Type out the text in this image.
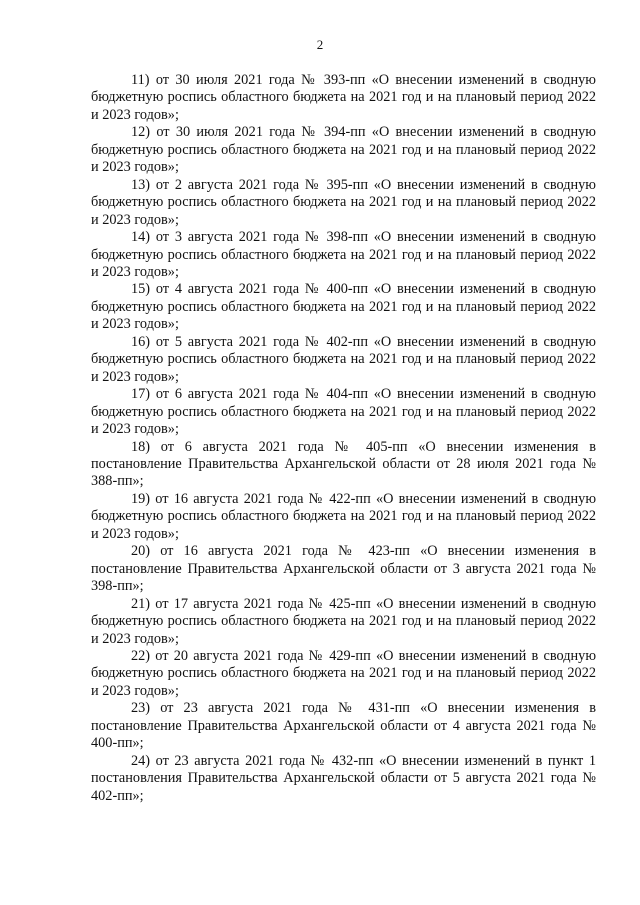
2

11) от 30 июля 2021 года № 393-пп «О внесении изменений в сводную бюджетную роспись областного бюджета на 2021 год и на плановый период 2022 и 2023 годов»;

12) от 30 июля 2021 года № 394-пп «О внесении изменений в сводную бюджетную роспись областного бюджета на 2021 год и на плановый период 2022 и 2023 годов»;

13) от 2 августа 2021 года № 395-пп «О внесении изменений в сводную бюджетную роспись областного бюджета на 2021 год и на плановый период 2022 и 2023 годов»;

14) от 3 августа 2021 года № 398-пп «О внесении изменений в сводную бюджетную роспись областного бюджета на 2021 год и на плановый период 2022 и 2023 годов»;

15) от 4 августа 2021 года № 400-пп «О внесении изменений в сводную бюджетную роспись областного бюджета на 2021 год и на плановый период 2022 и 2023 годов»;

16) от 5 августа 2021 года № 402-пп «О внесении изменений в сводную бюджетную роспись областного бюджета на 2021 год и на плановый период 2022 и 2023 годов»;

17) от 6 августа 2021 года № 404-пп «О внесении изменений в сводную бюджетную роспись областного бюджета на 2021 год и на плановый период 2022 и 2023 годов»;

18) от 6 августа 2021 года № 405-пп «О внесении изменения в постановление Правительства Архангельской области от 28 июля 2021 года № 388-пп»;

19) от 16 августа 2021 года № 422-пп «О внесении изменений в сводную бюджетную роспись областного бюджета на 2021 год и на плановый период 2022 и 2023 годов»;

20) от 16 августа 2021 года № 423-пп «О внесении изменения в постановление Правительства Архангельской области от 3 августа 2021 года № 398-пп»;

21) от 17 августа 2021 года № 425-пп «О внесении изменений в сводную бюджетную роспись областного бюджета на 2021 год и на плановый период 2022 и 2023 годов»;

22) от 20 августа 2021 года № 429-пп «О внесении изменений в сводную бюджетную роспись областного бюджета на 2021 год и на плановый период 2022 и 2023 годов»;

23) от 23 августа 2021 года № 431-пп «О внесении изменения в постановление Правительства Архангельской области от 4 августа 2021 года № 400-пп»;

24) от 23 августа 2021 года № 432-пп «О внесении изменений в пункт 1 постановления Правительства Архангельской области от 5 августа 2021 года № 402-пп»;
